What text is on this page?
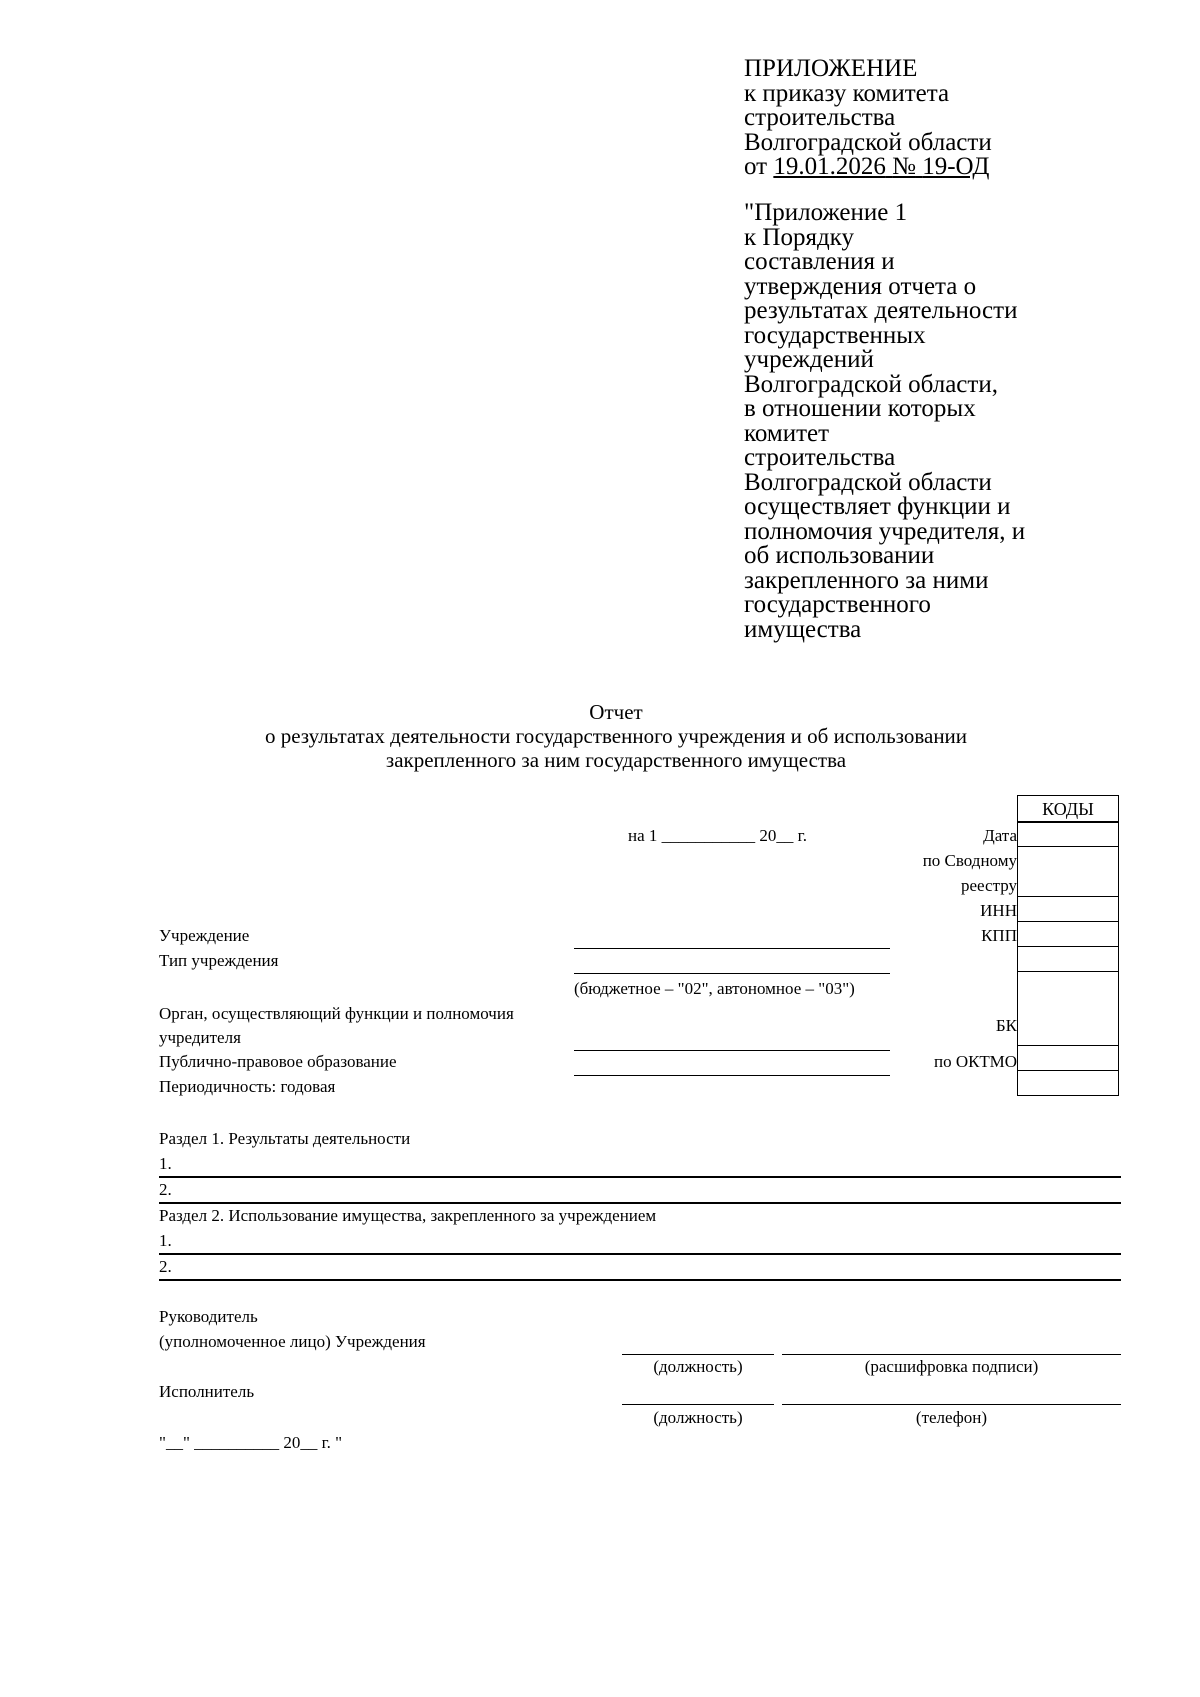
ПРИЛОЖЕНИЕ
к приказу комитета
строительства
Волгоградской области
от 19.01.2026 № 19-ОД
"Приложение 1
к Порядку
составления и
утверждения отчета о
результатах деятельности
государственных
учреждений
Волгоградской области,
в отношении которых
комитет
строительства
Волгоградской области
осуществляет функции и
полномочия учредителя, и
об использовании
закрепленного за ними
государственного
имущества
Отчет
о результатах деятельности государственного учреждения и об использовании
закрепленного за ним государственного имущества
КОДЫ
Дата
по Сводному
реестру
ИНН
КПП
БК
по ОКТМО
на 1 ___________ 20__ г.
Учреждение
Тип учреждения
Орган, осуществляющий функции и полномочия
учредителя
Публично-правовое образование
Периодичность: годовая
(бюджетное – "02", автономное – "03")
Раздел 1. Результаты деятельности
1.
2.
Раздел 2. Использование имущества, закрепленного за учреждением
1.
2.
Руководитель
(уполномоченное лицо) Учреждения
(должность)	(расшифровка подписи)
Исполнитель
(должность)	(телефон)
"__" __________ 20__ г. "
